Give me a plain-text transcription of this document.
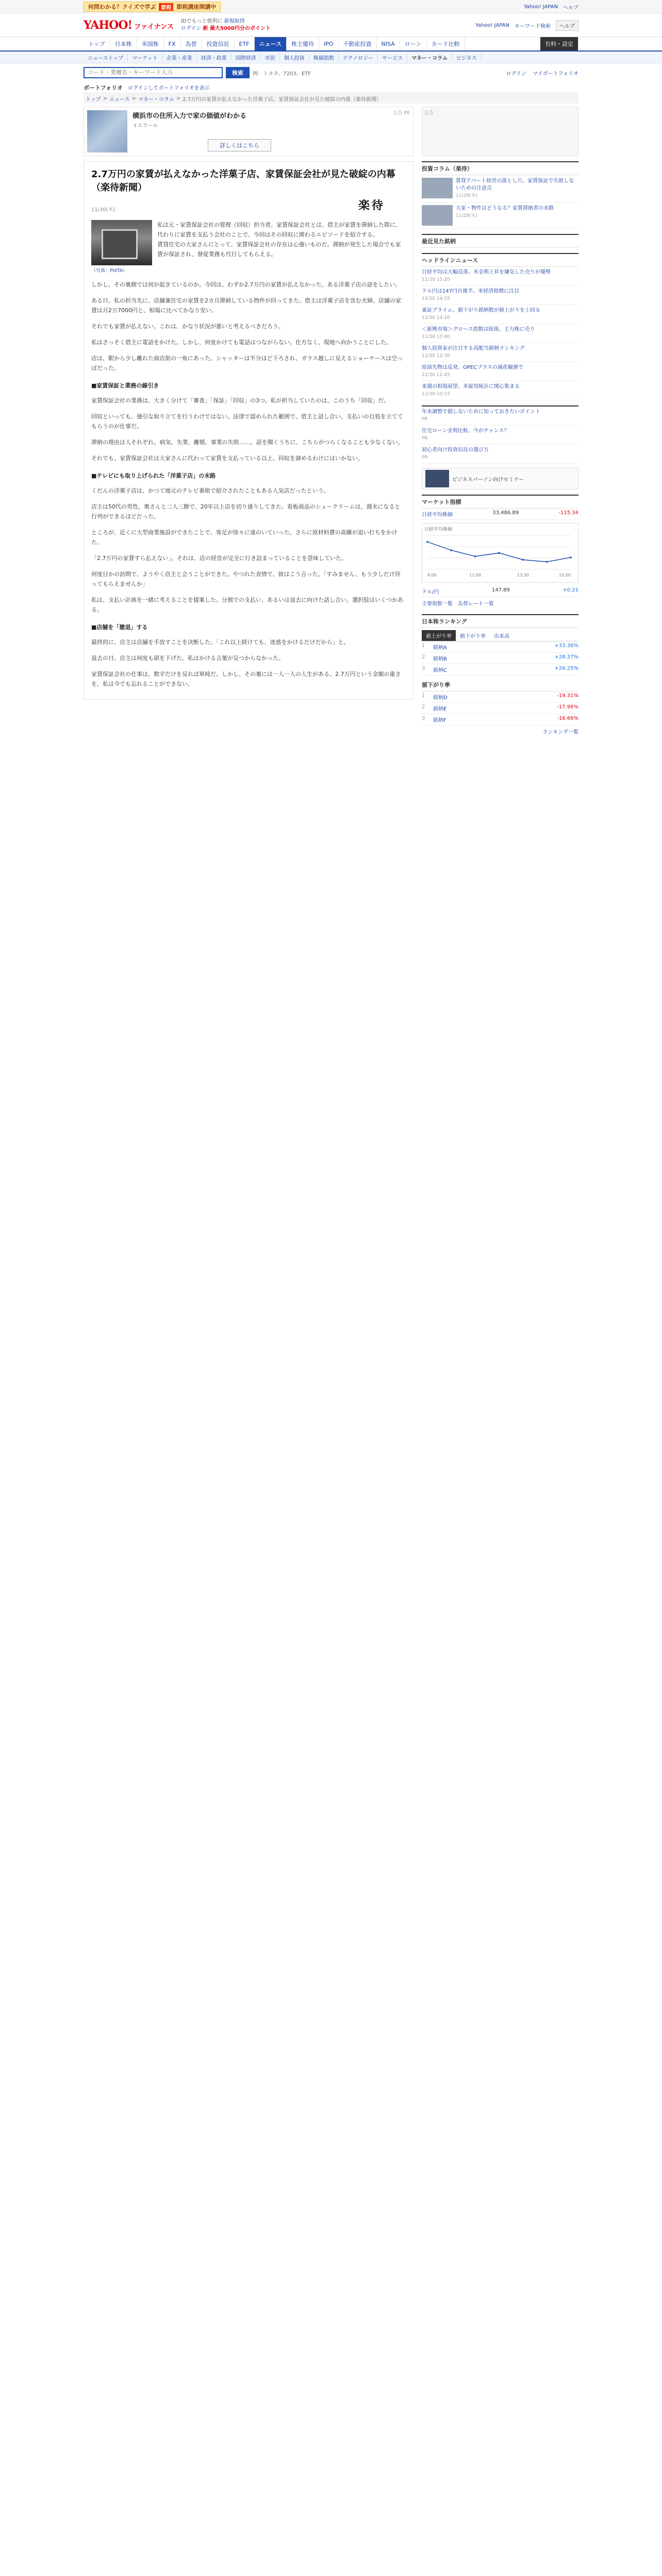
何問わかる？クイズで学ぶ	節税 節税講座開講中	Yahoo! JAPAN ヘルプ
YAHOO! ファイナンス
IDでもっと便利に 新規取得
ログイン 新 最大5000円分のポイント
Yahoo! JAPAN キーワード検索	ヘルプ
トップ	日本株	米国株	FX	為替	投資信託	ETF	ニュース	株主優待	IPO	不動産投資	NISA	ローン	カード比較	有料・設定
ニューストップ	マーケット	企業・産業	経済・政策	国際経済	市況	個人投資	株価指数	テクノロジー	サービス	マネー・コラム	ビジネス
コード・業種名・キーワード入力
検索	例：トヨタ、7203、ETF	ログイン マイポートフォリオ
ポートフォリオ ログインしてポートフォリオを表示
トップ > ニュース > マネー・コラム > 2.7万円の家賃が払えなかった洋菓子店、家賃保証会社が見た破綻の内幕（楽待新聞）
横浜市の住所入力で家の価値がわかる
イエウール
詳しくはこちら
広告 PR
2.7万円の家賃が払えなかった洋菓子店、家賃保証会社が見た破綻の内幕（楽待新聞）
11/30(木)	楽待
（写真：PIXTA）

私は元・家賃保証会社の管理（回収）担当者。家賃保証会社とは、借主が家賃を滞納した際に、代わりに家賃を支払う会社のことで、今回はその回収に関わるエピソードを紹介する。

賃貸住宅の大家さんにとって、家賃保証会社の存在は心強いものだ。滞納が発生した場合でも家賃が保証され、督促業務も代行してもらえる。

しかし、その裏側では何が起きているのか。今回は、わずか2.7万円の家賃が払えなかった、ある洋菓子店の話をしたい。

ある日、私の担当先に、店舗兼住宅の家賃を2カ月滞納している物件が回ってきた。借主は洋菓子店を営む夫婦。店舗の家賃は月2万7000円と、相場に比べてかなり安い。

それでも家賃が払えない。これは、かなり状況が悪いと考えるべきだろう。

私はさっそく借主に電話をかけた。しかし、何度かけても電話はつながらない。仕方なく、現地へ向かうことにした。

店は、駅から少し離れた商店街の一角にあった。シャッターは半分ほど下ろされ、ガラス越しに見えるショーケースは空っぽだった。

■家賃保証と業務の線引き

家賃保証会社の業務は、大きく分けて「審査」「保証」「回収」の3つ。私が担当していたのは、このうち「回収」だ。

回収といっても、強引な取り立てを行うわけではない。法律で認められた範囲で、借主と話し合い、支払いの目処を立ててもらうのが仕事だ。

滞納の理由は人それぞれ。病気、失業、離婚、事業の失敗……。話を聞くうちに、こちらがつらくなることも少なくない。

それでも、家賃保証会社は大家さんに代わって家賃を支払っている以上、回収を諦めるわけにはいかない。

■テレビにも取り上げられた「洋菓子店」の末路

くだんの洋菓子店は、かつて地元のテレビ番組で紹介されたこともある人気店だったという。

店主は50代の男性。奥さんと二人三脚で、20年以上店を切り盛りしてきた。看板商品のシュークリームは、週末になると行列ができるほどだった。

ところが、近くに大型商業施設ができたことで、客足が徐々に遠のいていった。さらに原材料費の高騰が追い打ちをかけた。

「2.7万円の家賃すら払えない」。それは、店の経営が完全に行き詰まっていることを意味していた。

何度目かの訪問で、ようやく店主と会うことができた。やつれた表情で、彼はこう言った。「すみません、もう少しだけ待ってもらえませんか」

私は、支払い計画を一緒に考えることを提案した。分割での支払い、あるいは退去に向けた話し合い。選択肢はいくつかある。

■店舗を「撤退」する

最終的に、店主は店舗を手放すことを決断した。「これ以上続けても、迷惑をかけるだけだから」と。

退去の日、店主は何度も頭を下げた。私はかける言葉が見つからなかった。

家賃保証会社の仕事は、数字だけを見れば単純だ。しかし、その裏には一人一人の人生がある。2.7万円という金額の重さを、私は今でも忘れることができない。

広告
投資コラム（楽待）
賃貸アパート経営の落とし穴、家賃保証で失敗しないための注意点
11/29(水)
大家・物件はどうなる？家賃滞納者の末路
11/28(火)
最近見た銘柄
ヘッドラインニュース
日経平均は大幅反落、米金利上昇を嫌気した売りが優勢
11/30 15:20
ドル円は147円台後半、米経済指標に注目
11/30 14:55
東証プライム、値下がり銘柄数が値上がりを上回る
11/30 14:10
＜新興市場＞グロース指数は続落、主力株に売り
11/30 13:40
個人投資家が注目する高配当銘柄ランキング
11/30 12:30
原油先物は反発、OPECプラスの減産観測で
11/30 11:45
来週の相場展望、米雇用統計に関心集まる
11/30 10:15
年末調整で損しないために知っておきたいポイント
PR
住宅ローン金利比較、今がチャンス？
PR
初心者向け投資信託の選び方
PR
ビジネスパーソン向けセミナー
マーケット指標
日経平均株価	33,486.89	-115.34
日経平均株価
9:00	11:00	13:30	15:00
ドル/円	147.89	+0.21
主要指数一覧 為替レート一覧
日本株ランキング
値上がり率	値下がり率	出来高
1	銘柄A	+33.36%
2	銘柄B	+28.37%
3	銘柄C	+26.25%
値下がり率
1	銘柄D	-19.31%
2	銘柄E	-17.96%
3	銘柄F	-16.66%
ランキング一覧
